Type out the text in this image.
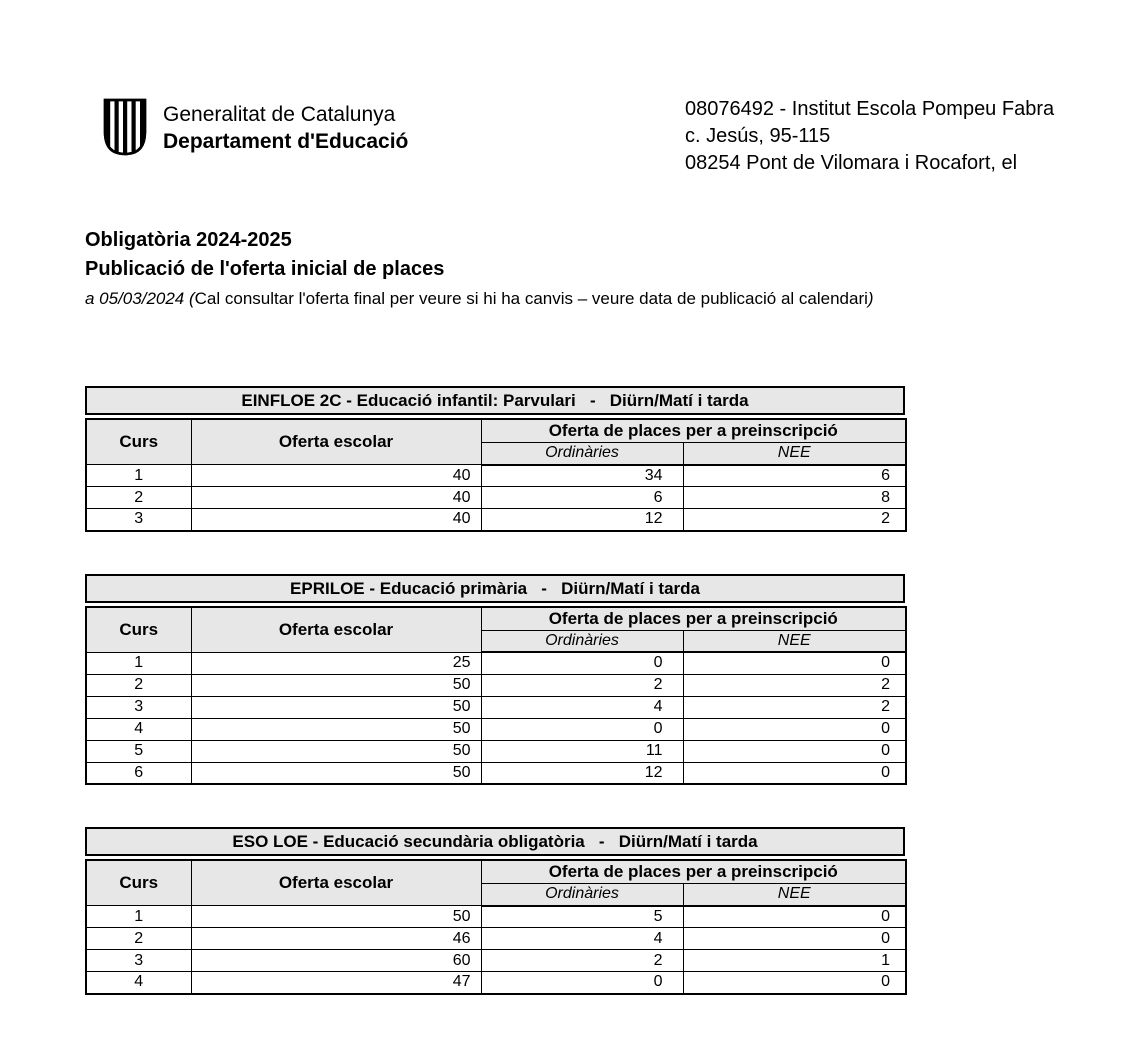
Generalitat de Catalunya
Departament d'Educació
08076492 - Institut Escola Pompeu Fabra
c. Jesús, 95-115
08254 Pont de Vilomara i Rocafort, el
Obligatòria 2024-2025
Publicació de l'oferta inicial de places
a 05/03/2024 (Cal consultar l'oferta final per veure si hi ha canvis – veure data de publicació al calendari)
EINFLOE 2C - Educació infantil: Parvulari   -   Diürn/Matí i tarda
Curs	Oferta escolar	Oferta de places per a preinscripció	
		Ordinàries	NEE
1	40	34	6
2	40	6	8
3	40	12	2
EPRILOE - Educació primària   -   Diürn/Matí i tarda
Curs	Oferta escolar	Oferta de places per a preinscripció	
		Ordinàries	NEE
1	25	0	0
2	50	2	2
3	50	4	2
4	50	0	0
5	50	11	0
6	50	12	0
ESO LOE - Educació secundària obligatòria   -   Diürn/Matí i tarda
Curs	Oferta escolar	Oferta de places per a preinscripció	
		Ordinàries	NEE
1	50	5	0
2	46	4	0
3	60	2	1
4	47	0	0
